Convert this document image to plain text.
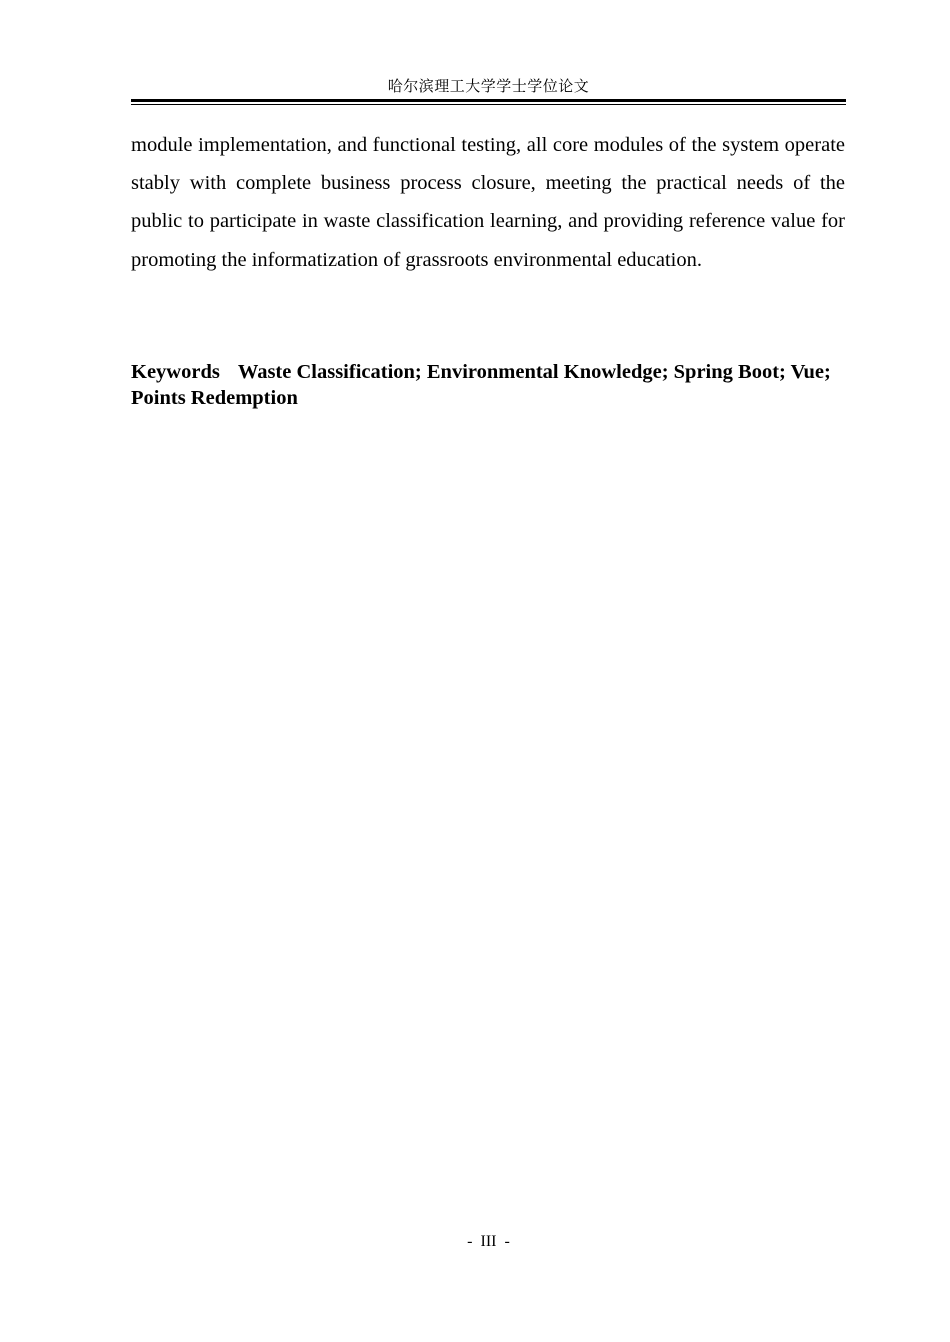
哈尔滨理工大学学士学位论文

module implementation, and functional testing, all core modules of the system operate stably with complete business process closure, meeting the practical needs of the public to participate in waste classification learning, and providing reference value for promoting the informatization of grassroots environmental education.

Keywords Waste Classification; Environmental Knowledge; Spring Boot; Vue; Points Redemption

-  III  -
